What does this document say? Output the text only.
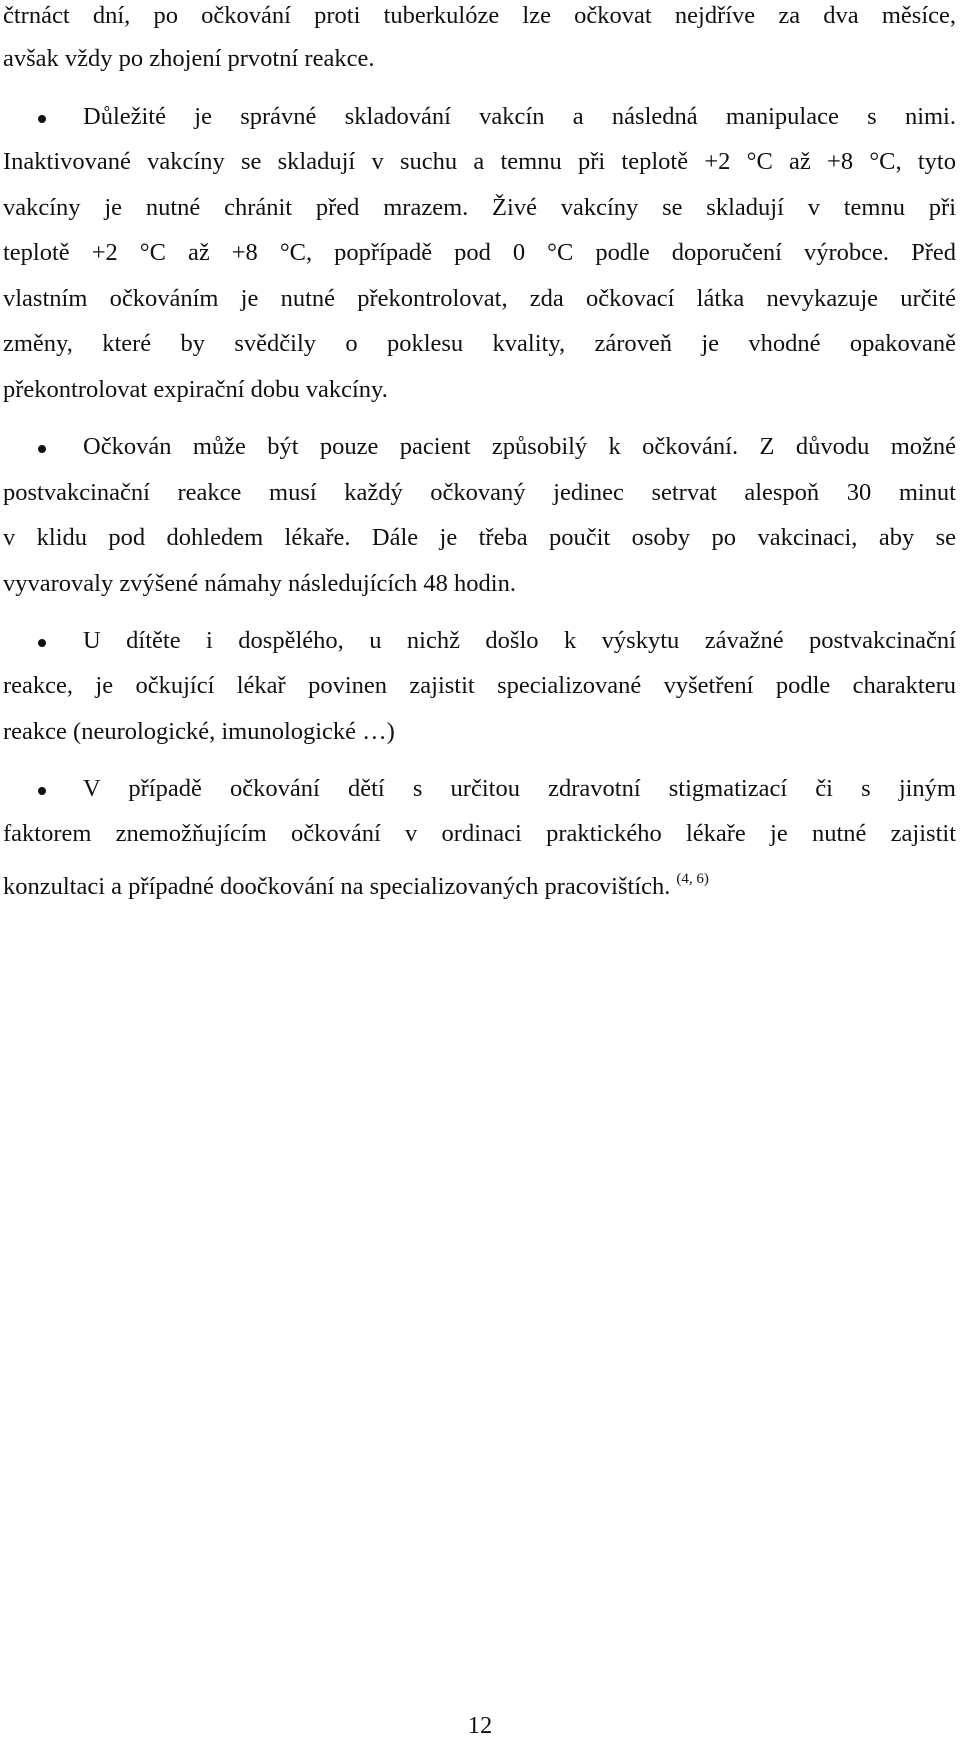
čtrnáct dní, po očkování proti tuberkulóze lze očkovat nejdříve za dva měsíce,
avšak vždy po zhojení prvotní reakce.
Důležité je správné skladování vakcín a následná manipulace s nimi.
Inaktivované vakcíny se skladují v suchu a temnu při teplotě +2 °C až +8 °C, tyto
vakcíny je nutné chránit před mrazem. Živé vakcíny se skladují v temnu při
teplotě +2 °C až +8 °C, popřípadě pod 0 °C podle doporučení výrobce. Před
vlastním očkováním je nutné překontrolovat, zda očkovací látka nevykazuje určité
změny, které by svědčily o poklesu kvality, zároveň je vhodné opakovaně
překontrolovat expirační dobu vakcíny.
Očkován může být pouze pacient způsobilý k očkování. Z důvodu možné
postvakcinační reakce musí každý očkovaný jedinec setrvat alespoň 30 minut
v klidu pod dohledem lékaře. Dále je třeba poučit osoby po vakcinaci, aby se
vyvarovaly zvýšené námahy následujících 48 hodin.
U dítěte i dospělého, u nichž došlo k výskytu závažné postvakcinační
reakce, je očkující lékař povinen zajistit specializované vyšetření podle charakteru
reakce (neurologické, imunologické …)
V případě očkování dětí s určitou zdravotní stigmatizací či s jiným
faktorem znemožňujícím očkování v ordinaci praktického lékaře je nutné zajistit
konzultaci a případné doočkování na specializovaných pracovištích. $^{(4, 6)}$
12
